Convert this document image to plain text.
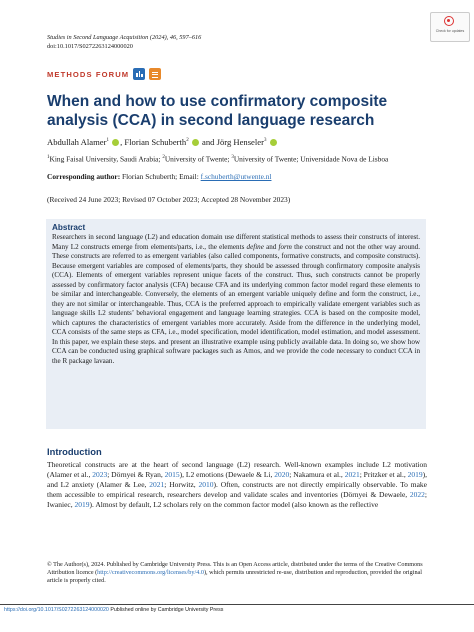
Studies in Second Language Acquisition (2024), 46, 597–616
doi:10.1017/S0272263124000020
Check for updates
METHODS FORUM
When and how to use confirmatory composite analysis (CCA) in second language research
Abdullah Alamer$^1$ , Florian Schuberth$^2$  and Jörg Henseler$^3$
$^1$King Faisal University, Saudi Arabia; $^2$University of Twente; $^3$University of Twente; Universidade Nova de Lisboa
Corresponding author: Florian Schuberth; Email: f.schuberth@utwente.nl
(Received 24 June 2023; Revised 07 October 2023; Accepted 28 November 2023)
Abstract

Researchers in second language (L2) and education domain use different statistical methods to assess their constructs of interest. Many L2 constructs emerge from elements/parts, i.e., the elements define and form the construct and not the other way around. These constructs are referred to as emergent variables (also called components, formative constructs, and composite constructs). Because emergent variables are composed of elements/parts, they should be assessed through confirmatory composite analysis (CCA). Elements of emergent variables represent unique facets of the construct. Thus, such constructs cannot be properly assessed by confirmatory factor analysis (CFA) because CFA and its underlying common factor model regard these elements to be similar and interchangeable. Conversely, the elements of an emergent variable uniquely define and form the construct, i.e., they are not similar or interchangeable. Thus, CCA is the preferred approach to empirically validate emergent variables such as language skills L2 students’ behavioral engagement and language learning strategies. CCA is based on the composite model, which captures the characteristics of emergent variables more accurately. Aside from the difference in the underlying model, CCA consists of the same steps as CFA, i.e., model specification, model identification, model estimation, and model assessment. In this paper, we explain these steps. and present an illustrative example using publicly available data. In doing so, we show how CCA can be conducted using graphical software packages such as Amos, and we provide the code necessary to conduct CCA in the R package lavaan.

Introduction

Theoretical constructs are at the heart of second language (L2) research. Well-known examples include L2 motivation (Alamer et al., 2023; Dörnyei & Ryan, 2015), L2 emotions (Dewaele & Li, 2020; Nakamura et al., 2021; Pritzker et al., 2019), and L2 anxiety (Alamer & Lee, 2021; Horwitz, 2010). Often, constructs are not directly empirically observable. To make them accessible to empirical research, researchers develop and validate scales and inventories (Dörnyei & Dewaele, 2022; Iwaniec, 2019). Almost by default, L2 scholars rely on the common factor model (also known as the reflective

© The Author(s), 2024. Published by Cambridge University Press. This is an Open Access article, distributed under the terms of the Creative Commons Attribution licence (http://creativecommons.org/licenses/by/4.0), which permits unrestricted re-use, distribution and reproduction, provided the original article is properly cited.
https://doi.org/10.1017/S0272263124000020 Published online by Cambridge University Press
